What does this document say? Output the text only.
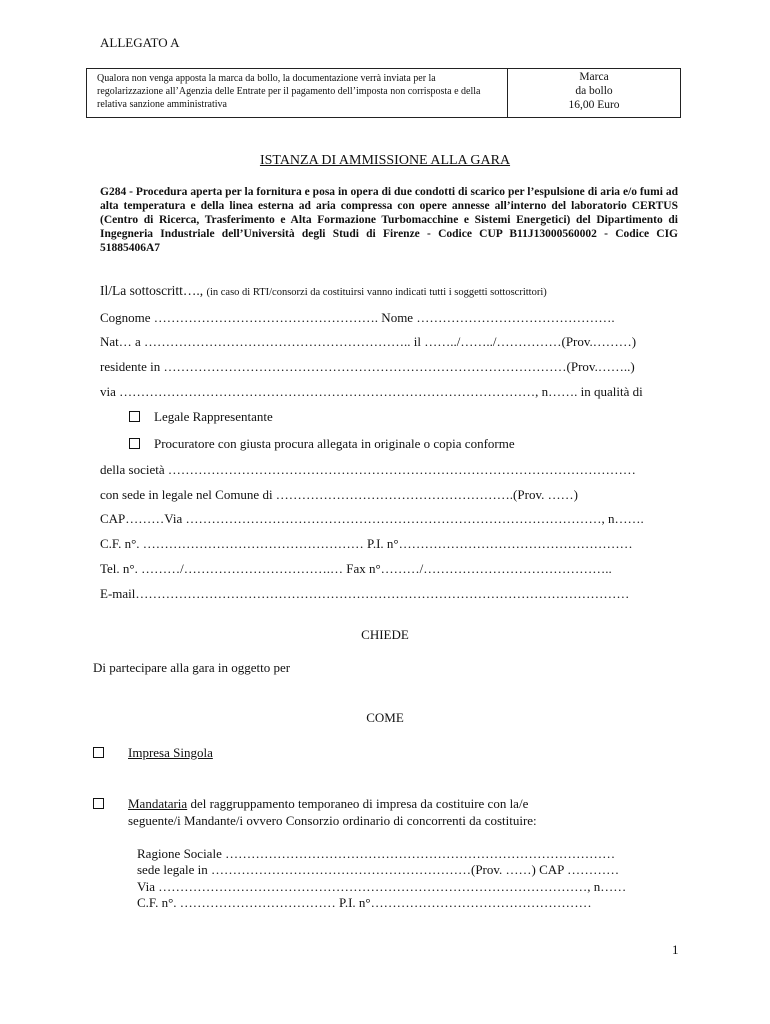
ALLEGATO A
Qualora non venga apposta la marca da bollo, la documentazione verrà inviata per la regolarizzazione all’Agenzia delle Entrate per il pagamento dell’imposta non corrisposta e della relativa sanzione amministrativa
Marca
da bollo
16,00 Euro
ISTANZA DI AMMISSIONE ALLA GARA
G284 - Procedura aperta per la fornitura e posa in opera di due condotti di scarico per l’espulsione di aria e/o fumi ad alta temperatura e della linea esterna ad aria compressa con opere annesse all’interno del laboratorio CERTUS (Centro di Ricerca, Trasferimento e Alta Formazione Turbomacchine e Sistemi Energetici) del Dipartimento di Ingegneria Industriale dell’Università degli Studi di Firenze - Codice CUP B11J13000560002 - Codice CIG 51885406A7
Il/La sottoscritt…., (in caso di RTI/consorzi da costituirsi vanno indicati tutti i soggetti sottoscrittori)
Cognome ……………………………………………. Nome ……………………………………….
Nat… a …………………………………………………….. il ……../……../……………(Prov.………)
residente in …………………………………………………………………………………(Prov.……..)
via ……………………………………………………………………………………, n……. in qualità di
Legale Rappresentante
Procuratore con giusta procura allegata in originale o copia conforme
della società ………………………………………………………………………………………………
con sede in legale nel Comune di ……………………………………………….(Prov. ……)
CAP………Via ……………………………………………………………………………………, n…….
C.F. n°. …………………………………………… P.I. n°………………………………………………
Tel. n°. ………/…………………………….… Fax n°………/……………………………………..
E-mail……………………………………………………………………………………………………
CHIEDE
Di partecipare alla gara in oggetto per
COME
Impresa Singola
Mandataria del raggruppamento temporaneo di impresa da costituire con la/e
seguente/i Mandante/i ovvero Consorzio ordinario di concorrenti da costituire:
Ragione Sociale ………………………………………………………………………………
sede legale in ……………………………………………………(Prov. ……) CAP …………
Via ………………………………………………………………………………………, n……
C.F. n°. ……………………………… P.I. n°……………………………………………
1
